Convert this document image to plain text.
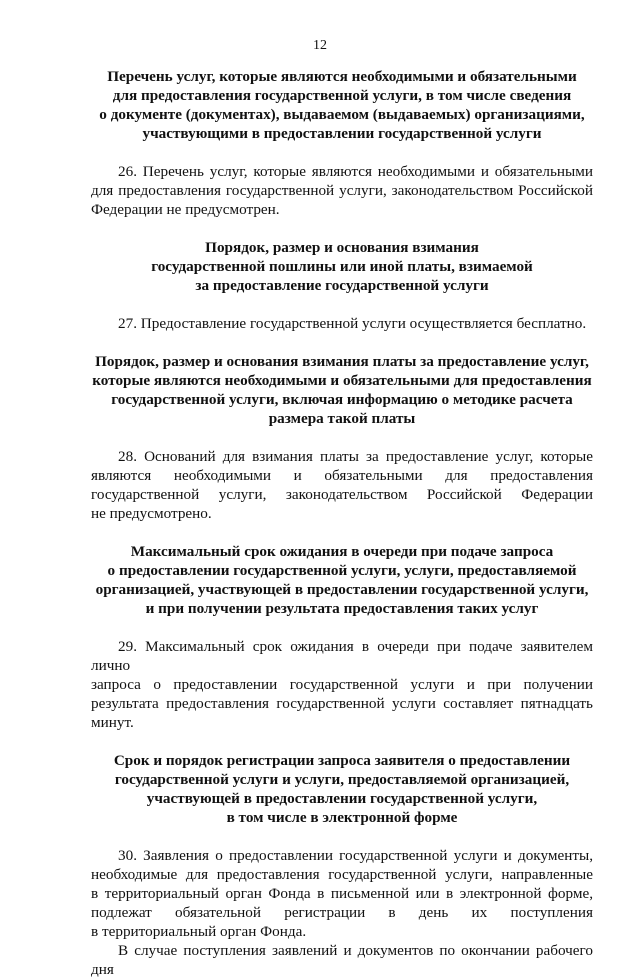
12
Перечень услуг, которые являются необходимыми и обязательными
для предоставления государственной услуги, в том числе сведения
о документе (документах), выдаваемом (выдаваемых) организациями,
участвующими в предоставлении государственной услуги
26. Перечень услуг, которые являются необходимыми и обязательными
для предоставления государственной услуги, законодательством Российской
Федерации не предусмотрен.
Порядок, размер и основания взимания
государственной пошлины или иной платы, взимаемой
за предоставление государственной услуги
27. Предоставление государственной услуги осуществляется бесплатно.
Порядок, размер и основания взимания платы за предоставление услуг,
которые являются необходимыми и обязательными для предоставления
государственной услуги, включая информацию о методике расчета
размера такой платы
28. Оснований для взимания платы за предоставление услуг, которые
являются необходимыми и обязательными для предоставления
государственной услуги, законодательством Российской Федерации
не предусмотрено.
Максимальный срок ожидания в очереди при подаче запроса
о предоставлении государственной услуги, услуги, предоставляемой
организацией, участвующей в предоставлении государственной услуги,
и при получении результата предоставления таких услуг
29. Максимальный срок ожидания в очереди при подаче заявителем лично
запроса о предоставлении государственной услуги и при получении
результата предоставления государственной услуги составляет пятнадцать
минут.
Срок и порядок регистрации запроса заявителя о предоставлении
государственной услуги и услуги, предоставляемой организацией,
участвующей в предоставлении государственной услуги,
в том числе в электронной форме
30. Заявления о предоставлении государственной услуги и документы,
необходимые для предоставления государственной услуги, направленные
в территориальный орган Фонда в письменной или в электронной форме,
подлежат обязательной регистрации в день их поступления
в территориальный орган Фонда.
В случае поступления заявлений и документов по окончании рабочего дня
